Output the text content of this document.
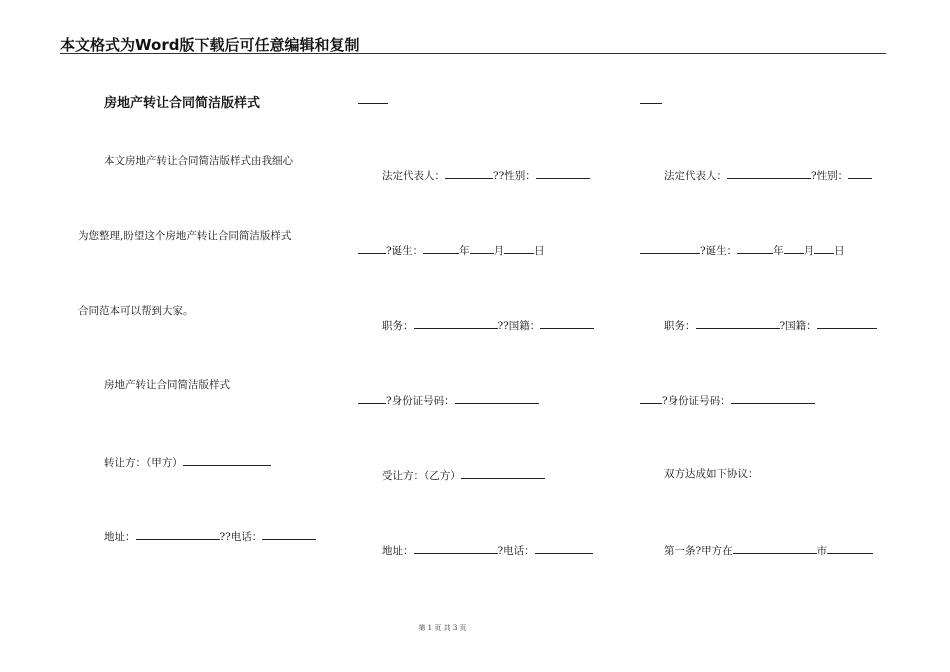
本文格式为Word版下载后可任意编辑和复制
房地产转让合同简洁版样式
本文房地产转让合同简洁版样式由我细心
为您整理,盼望这个房地产转让合同简洁版样式
合同范本可以帮到大家。
房地产转让合同简洁版样式
转让方：（甲方）
地址：	??电话：
法定代表人：	??性别：
?诞生：	年 月	日
职务：	??国籍：
?身份证号码：
受让方：（乙方）
地址：	?电话：
法定代表人：	?性别：
?诞生：	年 月 日
职务：	?国籍：
?身份证号码：
双方达成如下协议：
第一条?甲方在	市
第 1 页 共 3 页
